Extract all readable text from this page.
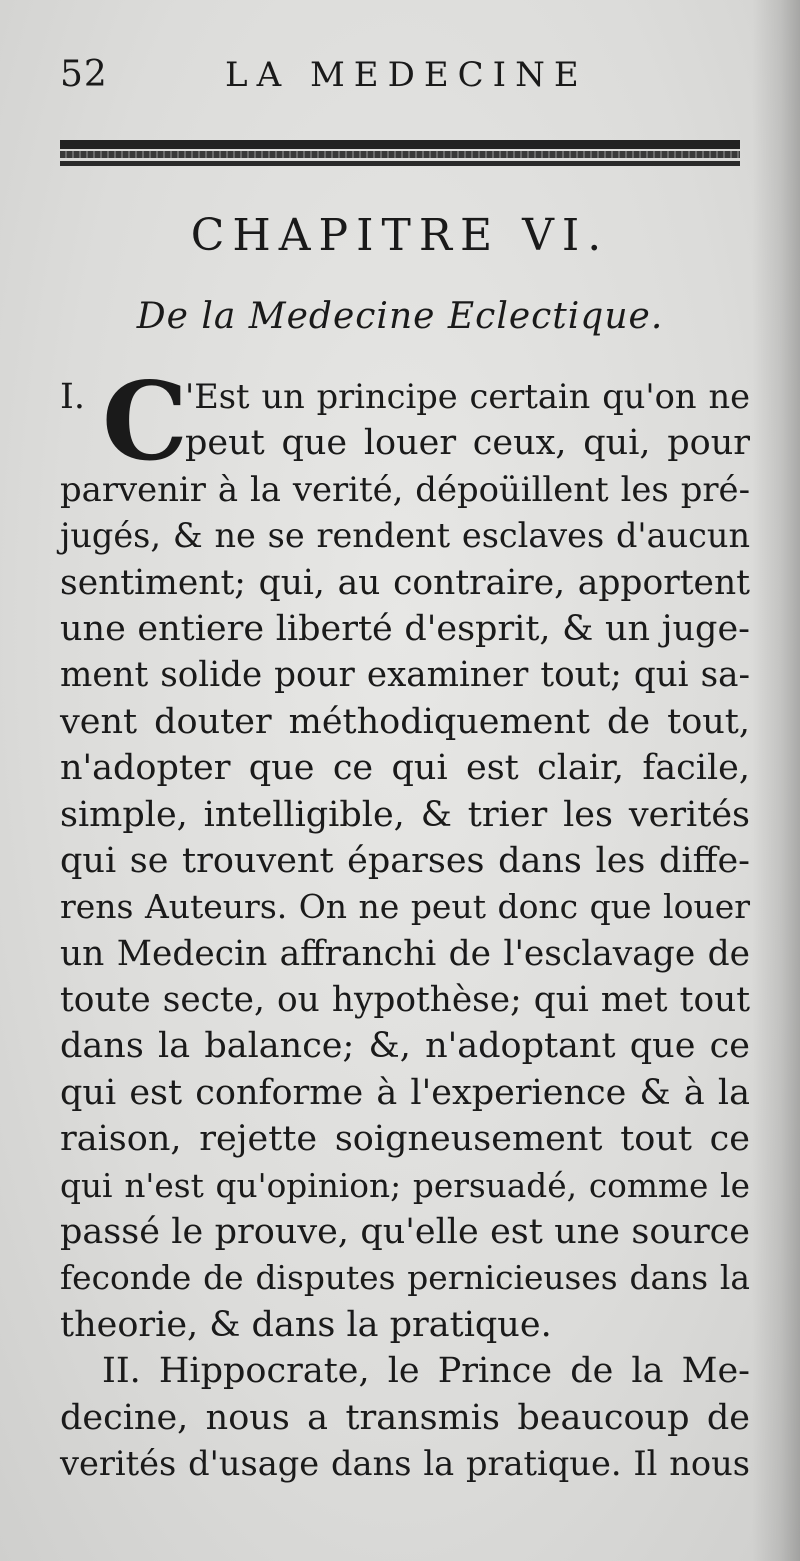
52	LA MEDECINE
CHAPITRE VI.
De la Medecine Eclectique.
I. C
'Est un principe certain qu'on ne
peut que louer ceux, qui, pour
parvenir à la verité, dépoüillent les pré-
jugés, & ne se rendent esclaves d'aucun
sentiment; qui, au contraire, apportent
une entiere liberté d'esprit, & un juge-
ment solide pour examiner tout; qui sa-
vent douter méthodiquement de tout,
n'adopter que ce qui est clair, facile,
simple, intelligible, & trier les verités
qui se trouvent éparses dans les diffe-
rens Auteurs. On ne peut donc que louer
un Medecin affranchi de l'esclavage de
toute secte, ou hypothèse; qui met tout
dans la balance; &, n'adoptant que ce
qui est conforme à l'experience & à la
raison, rejette soigneusement tout ce
qui n'est qu'opinion; persuadé, comme le
passé le prouve, qu'elle est une source
feconde de disputes pernicieuses dans la
theorie, & dans la pratique.
II. Hippocrate, le Prince de la Me-
decine, nous a transmis beaucoup de
verités d'usage dans la pratique. Il nous
